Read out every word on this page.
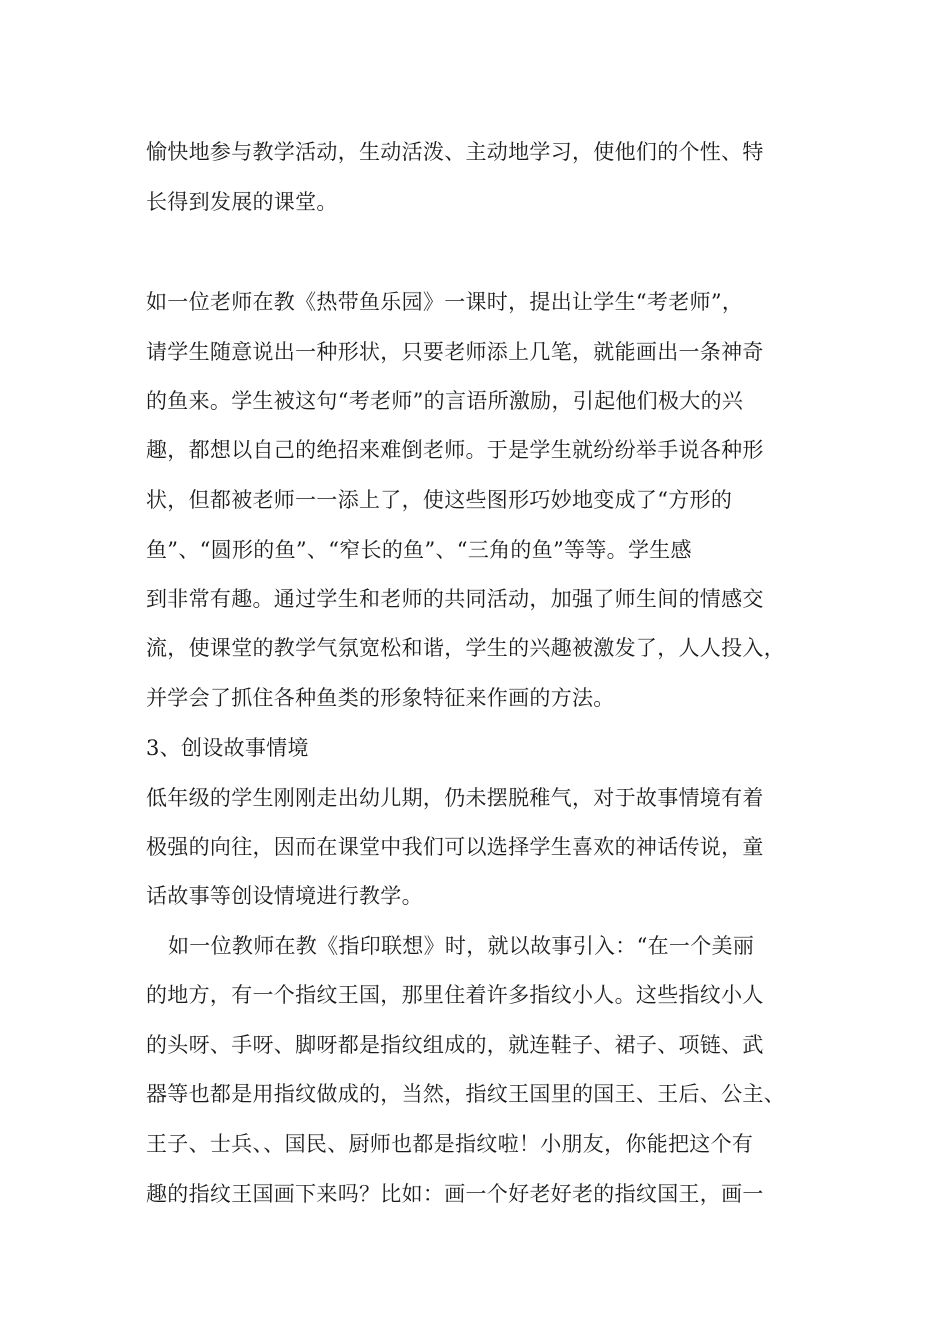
愉快地参与教学活动，生动活泼、主动地学习，使他们的个性、特
长得到发展的课堂。
如一位老师在教《热带鱼乐园》一课时，提出让学生“考老师”，
请学生随意说出一种形状，只要老师添上几笔，就能画出一条神奇
的鱼来。学生被这句“考老师”的言语所激励，引起他们极大的兴
趣，都想以自己的绝招来难倒老师。于是学生就纷纷举手说各种形
状，但都被老师一一添上了，使这些图形巧妙地变成了“方形的
鱼”、“圆形的鱼”、“窄长的鱼”、“三角的鱼”等等。学生感
到非常有趣。通过学生和老师的共同活动，加强了师生间的情感交
流，使课堂的教学气氛宽松和谐，学生的兴趣被激发了，人人投入，
并学会了抓住各种鱼类的形象特征来作画的方法。
3、创设故事情境
低年级的学生刚刚走出幼儿期，仍未摆脱稚气，对于故事情境有着
极强的向往，因而在课堂中我们可以选择学生喜欢的神话传说，童
话故事等创设情境进行教学。
如一位教师在教《指印联想》时，就以故事引入：“在一个美丽
的地方，有一个指纹王国，那里住着许多指纹小人。这些指纹小人
的头呀、手呀、脚呀都是指纹组成的，就连鞋子、裙子、项链、武
器等也都是用指纹做成的，当然，指纹王国里的国王、王后、公主、
王子、士兵、、国民、厨师也都是指纹啦！小朋友，你能把这个有
趣的指纹王国画下来吗？比如：画一个好老好老的指纹国王，画一
